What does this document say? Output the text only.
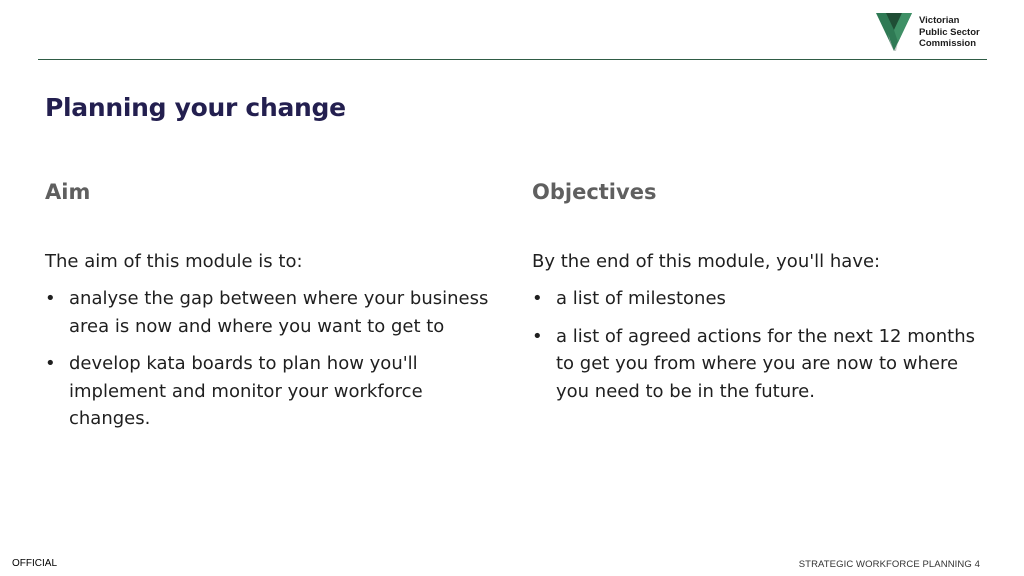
Victorian
Public Sector
Commission
Planning your change
Aim

The aim of this module is to:

• analyse the gap between where your business area is now and where you want to get to
• develop kata boards to plan how you'll implement and monitor your workforce changes.
Objectives

By the end of this module, you'll have:

• a list of milestones
• a list of agreed actions for the next 12 months to get you from where you are now to where you need to be in the future.
OFFICIAL	STRATEGIC WORKFORCE PLANNING 4
